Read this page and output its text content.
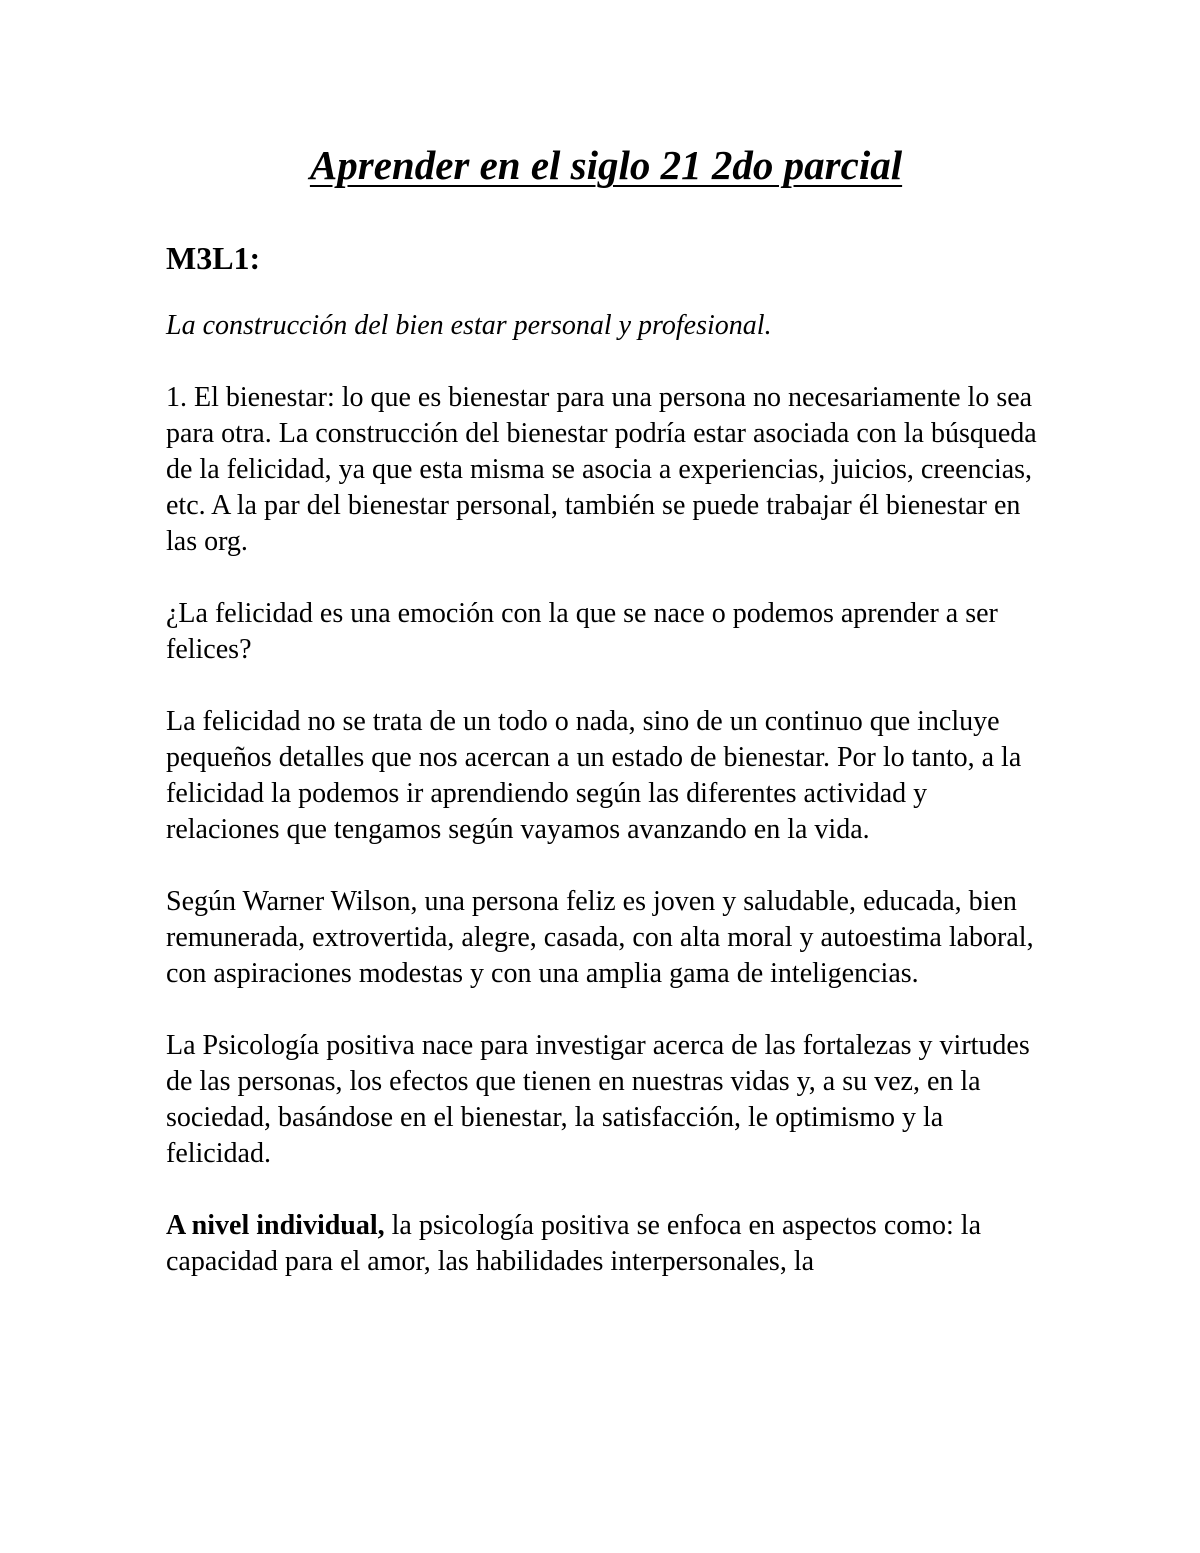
Aprender en el siglo 21 2do parcial
M3L1:
La construcción del bien estar personal y profesional.

1. El bienestar: lo que es bienestar para una persona no necesariamente lo sea para otra. La construcción del bienestar podría estar asociada con la búsqueda de la felicidad, ya que esta misma se asocia a experiencias, juicios, creencias, etc. A la par del bienestar personal, también se puede trabajar él bienestar en las org.

¿La felicidad es una emoción con la que se nace o podemos aprender a ser felices?

La felicidad no se trata de un todo o nada, sino de un continuo que incluye pequeños detalles que nos acercan a un estado de bienestar. Por lo tanto, a la felicidad la podemos ir aprendiendo según las diferentes actividad y relaciones que tengamos según vayamos avanzando en la vida.

Según Warner Wilson, una persona feliz es joven y saludable, educada, bien remunerada, extrovertida, alegre, casada, con alta moral y autoestima laboral, con aspiraciones modestas y con una amplia gama de inteligencias.

La Psicología positiva nace para investigar acerca de las fortalezas y virtudes de las personas, los efectos que tienen en nuestras vidas y, a su vez, en la sociedad, basándose en el bienestar, la satisfacción, le optimismo y la felicidad.

A nivel individual, la psicología positiva se enfoca en aspectos como: la capacidad para el amor, las habilidades interpersonales, la
